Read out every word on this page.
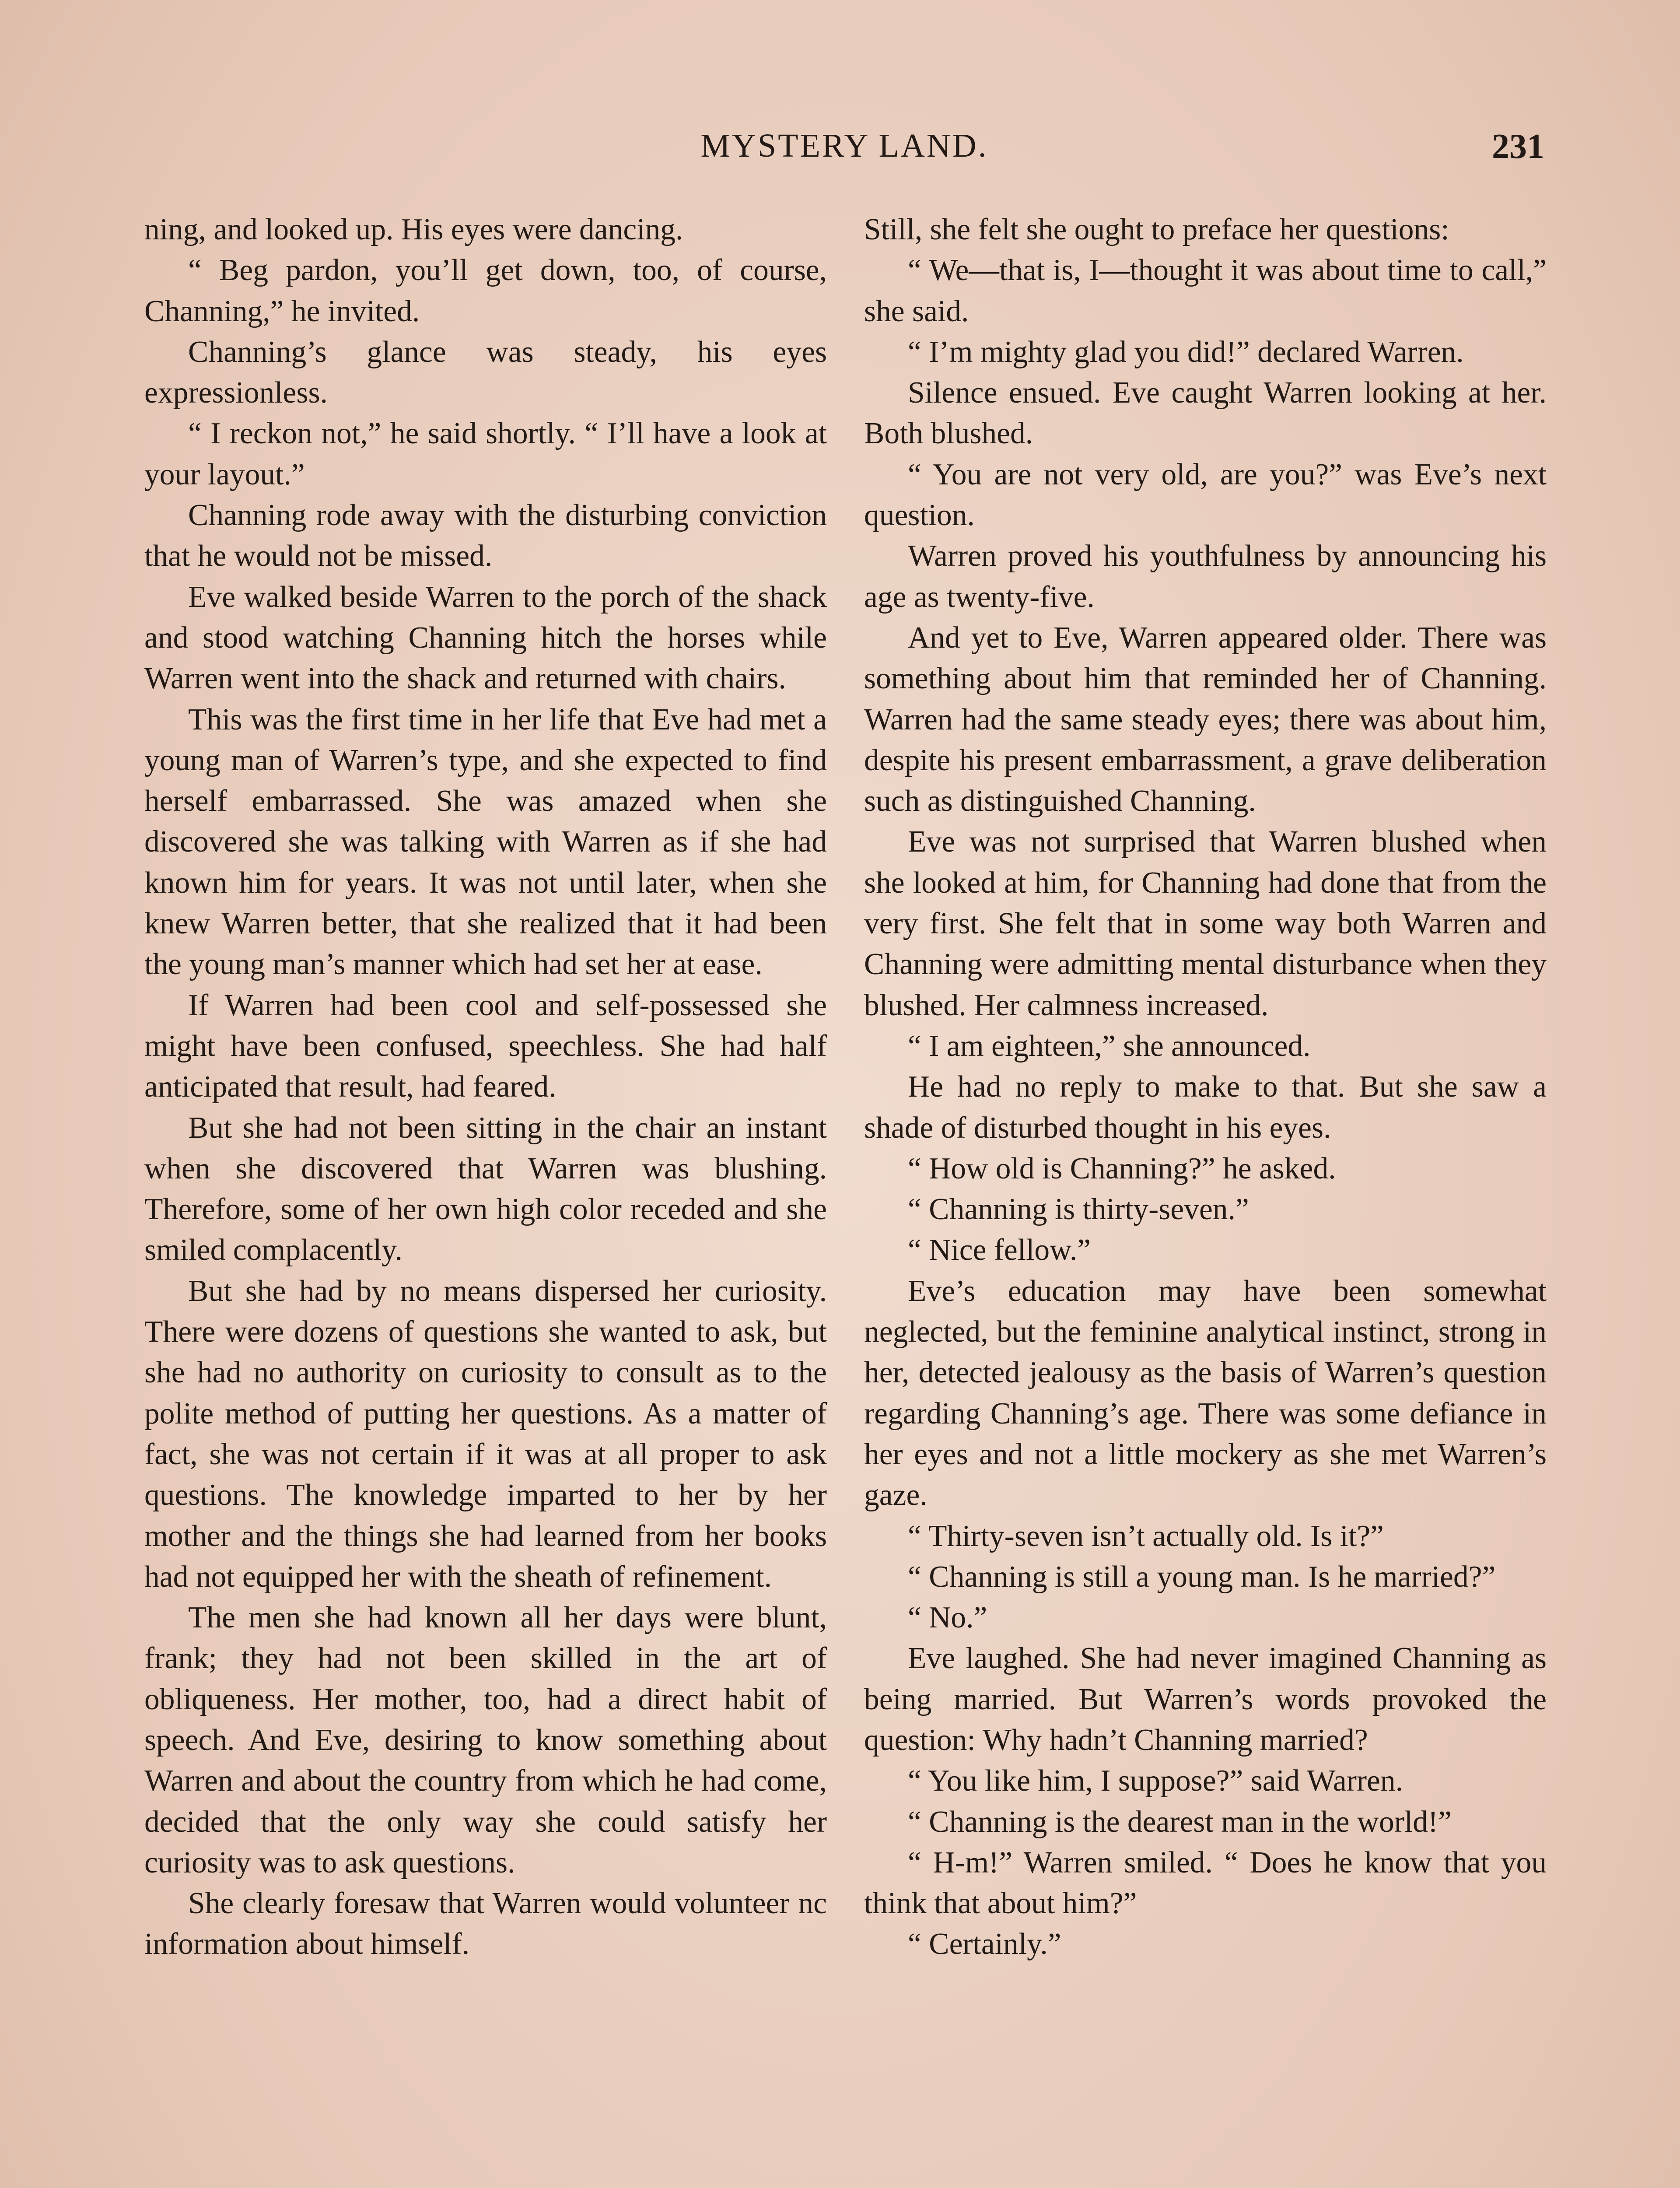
MYSTERY LAND.	231

ning, and looked up. His eyes were dancing.

“ Beg pardon, you’ll get down, too, of course, Channing,” he invited.

Channing’s glance was steady, his eyes expressionless.

“ I reckon not,” he said shortly. “ I’ll have a look at your layout.”

Channing rode away with the disturbing conviction that he would not be missed.

Eve walked beside Warren to the porch of the shack and stood watching Channing hitch the horses while Warren went into the shack and returned with chairs.

This was the first time in her life that Eve had met a young man of Warren’s type, and she expected to find herself embarrassed. She was amazed when she discovered she was talking with Warren as if she had known him for years. It was not until later, when she knew Warren better, that she realized that it had been the young man’s manner which had set her at ease.

If Warren had been cool and self-possessed she might have been confused, speechless. She had half anticipated that result, had feared.

But she had not been sitting in the chair an instant when she discovered that Warren was blushing. Therefore, some of her own high color receded and she smiled complacently.

But she had by no means dispersed her curiosity. There were dozens of questions she wanted to ask, but she had no authority on curiosity to consult as to the polite method of putting her questions. As a matter of fact, she was not certain if it was at all proper to ask questions. The knowledge imparted to her by her mother and the things she had learned from her books had not equipped her with the sheath of refinement.

The men she had known all her days were blunt, frank; they had not been skilled in the art of obliqueness. Her mother, too, had a direct habit of speech. And Eve, desiring to know something about Warren and about the country from which he had come, decided that the only way she could satisfy her curiosity was to ask questions.

She clearly foresaw that Warren would volunteer nc information about himself.

Still, she felt she ought to preface her questions:

“ We—that is, I—thought it was about time to call,” she said.

“ I’m mighty glad you did!” declared Warren.

Silence ensued. Eve caught Warren looking at her. Both blushed.

“ You are not very old, are you?” was Eve’s next question.

Warren proved his youthfulness by announcing his age as twenty-five.

And yet to Eve, Warren appeared older. There was something about him that reminded her of Channing. Warren had the same steady eyes; there was about him, despite his present embarrassment, a grave deliberation such as distinguished Channing.

Eve was not surprised that Warren blushed when she looked at him, for Channing had done that from the very first. She felt that in some way both Warren and Channing were admitting mental disturbance when they blushed. Her calmness increased.

“ I am eighteen,” she announced.

He had no reply to make to that. But she saw a shade of disturbed thought in his eyes.

“ How old is Channing?” he asked.

“ Channing is thirty-seven.”

“ Nice fellow.”

Eve’s education may have been somewhat neglected, but the feminine analytical instinct, strong in her, detected jealousy as the basis of Warren’s question regarding Channing’s age. There was some defiance in her eyes and not a little mockery as she met Warren’s gaze.

“ Thirty-seven isn’t actually old. Is it?”

“ Channing is still a young man. Is he married?”

“ No.”

Eve laughed. She had never imagined Channing as being married. But Warren’s words provoked the question: Why hadn’t Channing married?

“ You like him, I suppose?” said Warren.

“ Channing is the dearest man in the world!”

“ H-m!” Warren smiled. “ Does he know that you think that about him?”

“ Certainly.”
